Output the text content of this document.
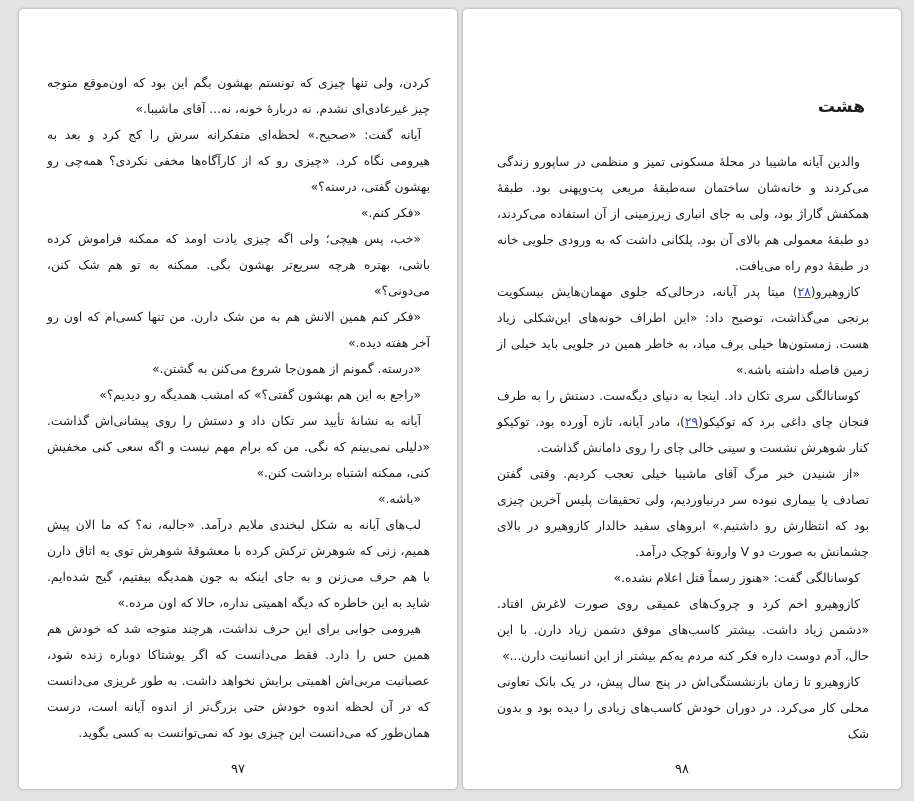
کردن، ولی تنها چیزی که تونستم بهشون بگم این بود که اون‌موقع متوجه چیز غیرعادی‌ای نشدم. نه دربارهٔ خونه، نه... آقای ماشیبا.»

آیانه گفت: «صحیح.» لحظه‌ای متفکرانه سرش را کج کرد و بعد به هیرومی نگاه کرد. «چیزی رو که از کارآگاه‌ها مخفی نکردی؟ همه‌چی رو بهشون گفتی، درسته؟»

«فکر کنم.»

«خب، پس هیچی؛ ولی اگه چیزی یادت اومد که ممکنه فراموش کرده باشی، بهتره هرچه سریع‌تر بهشون بگی. ممکنه به تو هم شک کنن، می‌دونی؟»

«فکر کنم همین الانش هم به من شک دارن. من تنها کسی‌ام که اون رو آخر هفته دیده.»

«درسته. گمونم از همون‌جا شروع می‌کنن به گشتن.»

«راجع به این هم بهشون گفتی؟» که امشب همدیگه رو دیدیم؟»

آیانه به نشانهٔ تأیید سر تکان داد و دستش را روی پیشانی‌اش گذاشت. «دلیلی نمی‌بینم که نگی. من که برام مهم نیست و اگه سعی کنی مخفیش کنی، ممکنه اشتباه برداشت کنن.»

«باشه.»

لب‌های آیانه به شکل لبخندی ملایم درآمد. «جالبه، نه؟ که ما الان پیش همیم، زنی که شوهرش ترکش کرده با معشوقهٔ شوهرش توی یه اتاق دارن با هم حرف می‌زنن و به جای اینکه به جون همدیگه بیفتیم، گیج شده‌ایم. شاید به این خاطره که دیگه اهمیتی نداره، حالا که اون مرده.»

هیرومی جوابی برای این حرف نداشت، هرچند متوجه شد که خودش هم همین حس را دارد. فقط می‌دانست که اگر یوشتاکا دوباره زنده شود، عصبانیت مربی‌اش اهمیتی برایش نخواهد داشت. به طور غریزی می‌دانست که در آن لحظه اندوه خودش حتی بزرگ‌تر از اندوه آیانه است، درست همان‌طور که می‌دانست این چیزی بود که نمی‌توانست به کسی بگوید.

۹۷
هشت

والدین آیانه ماشیبا در محلهٔ مسکونی تمیز و منظمی در ساپورو زندگی می‌کردند و خانه‌شان ساختمان سه‌طبقهٔ مربعی پت‌وپهنی بود. طبقهٔ همکفش گاراژ بود، ولی به جای انباری زیرزمینی از آن استفاده می‌کردند، دو طبقهٔ معمولی هم بالای آن بود. پلکانی داشت که به ورودی جلویی خانه در طبقهٔ دوم راه می‌یافت.

کازوهیرو(۲۸) میتا پدر آیانه، درحالی‌که جلوی مهمان‌هایش بیسکویت برنجی می‌گذاشت، توضیح داد: «این اطراف خونه‌های این‌شکلی زیاد هست. زمستون‌ها خیلی برف میاد، به خاطر همین در جلویی باید خیلی از زمین فاصله داشته باشه.»

کوسانالگی سری تکان داد. اینجا به دنیای دیگه‌ست. دستش را به طرف فنجان چای داغی برد که توکیکو(۲۹)، مادر آیانه، تازه آورده بود. توکیکو کنار شوهرش نشست و سینی خالی چای را روی دامانش گذاشت.

«از شنیدن خبر مرگ آقای ماشیبا خیلی تعجب کردیم. وقتی گفتن تصادف یا بیماری نبوده سر درنیاوردیم، ولی تحقیقات پلیس آخرین چیزی بود که انتظارش رو داشتیم.» ابروهای سفید خالدار کازوهیرو در بالای چشمانش به صورت دو V وارونهٔ کوچک درآمد.

کوسانالگی گفت: «هنوز رسماً قتل اعلام نشده.»

کازوهیرو اخم کرد و چروک‌های عمیقی روی صورت لاغرش افتاد. «دشمن زیاد داشت. بیشتر کاسب‌های موفق دشمن زیاد دارن. با این حال، آدم دوست داره فکر کنه مردم یه‌کم بیشتر از این انسانیت دارن...»

کازوهیرو تا زمان بازنشستگی‌اش در پنج سال پیش، در یک بانک تعاونی محلی کار می‌کرد. در دوران خودش کاسب‌های زیادی را دیده بود و بدون شک

۹۸
